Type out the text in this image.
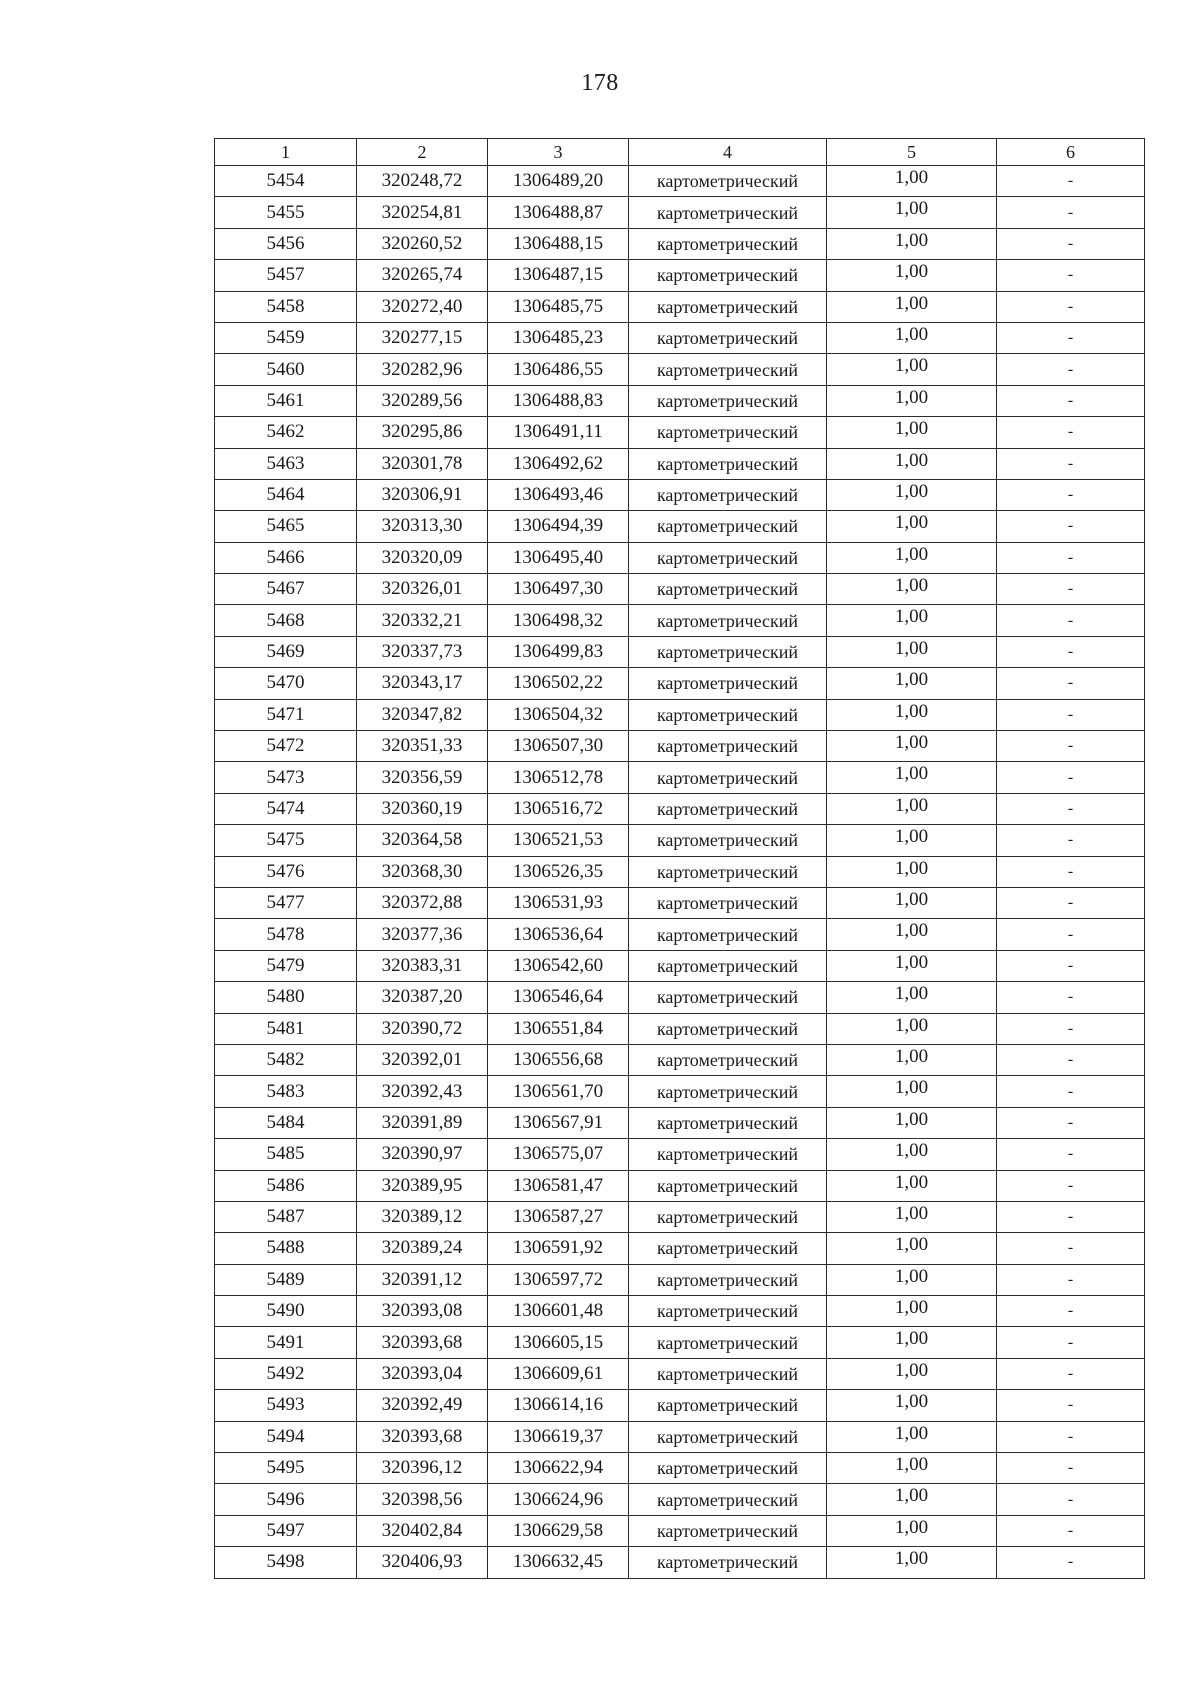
178
1	2	3	4	5	6
5454	320248,72	1306489,20	картометрический	1,00	-
5455	320254,81	1306488,87	картометрический	1,00	-
5456	320260,52	1306488,15	картометрический	1,00	-
5457	320265,74	1306487,15	картометрический	1,00	-
5458	320272,40	1306485,75	картометрический	1,00	-
5459	320277,15	1306485,23	картометрический	1,00	-
5460	320282,96	1306486,55	картометрический	1,00	-
5461	320289,56	1306488,83	картометрический	1,00	-
5462	320295,86	1306491,11	картометрический	1,00	-
5463	320301,78	1306492,62	картометрический	1,00	-
5464	320306,91	1306493,46	картометрический	1,00	-
5465	320313,30	1306494,39	картометрический	1,00	-
5466	320320,09	1306495,40	картометрический	1,00	-
5467	320326,01	1306497,30	картометрический	1,00	-
5468	320332,21	1306498,32	картометрический	1,00	-
5469	320337,73	1306499,83	картометрический	1,00	-
5470	320343,17	1306502,22	картометрический	1,00	-
5471	320347,82	1306504,32	картометрический	1,00	-
5472	320351,33	1306507,30	картометрический	1,00	-
5473	320356,59	1306512,78	картометрический	1,00	-
5474	320360,19	1306516,72	картометрический	1,00	-
5475	320364,58	1306521,53	картометрический	1,00	-
5476	320368,30	1306526,35	картометрический	1,00	-
5477	320372,88	1306531,93	картометрический	1,00	-
5478	320377,36	1306536,64	картометрический	1,00	-
5479	320383,31	1306542,60	картометрический	1,00	-
5480	320387,20	1306546,64	картометрический	1,00	-
5481	320390,72	1306551,84	картометрический	1,00	-
5482	320392,01	1306556,68	картометрический	1,00	-
5483	320392,43	1306561,70	картометрический	1,00	-
5484	320391,89	1306567,91	картометрический	1,00	-
5485	320390,97	1306575,07	картометрический	1,00	-
5486	320389,95	1306581,47	картометрический	1,00	-
5487	320389,12	1306587,27	картометрический	1,00	-
5488	320389,24	1306591,92	картометрический	1,00	-
5489	320391,12	1306597,72	картометрический	1,00	-
5490	320393,08	1306601,48	картометрический	1,00	-
5491	320393,68	1306605,15	картометрический	1,00	-
5492	320393,04	1306609,61	картометрический	1,00	-
5493	320392,49	1306614,16	картометрический	1,00	-
5494	320393,68	1306619,37	картометрический	1,00	-
5495	320396,12	1306622,94	картометрический	1,00	-
5496	320398,56	1306624,96	картометрический	1,00	-
5497	320402,84	1306629,58	картометрический	1,00	-
5498	320406,93	1306632,45	картометрический	1,00	-
